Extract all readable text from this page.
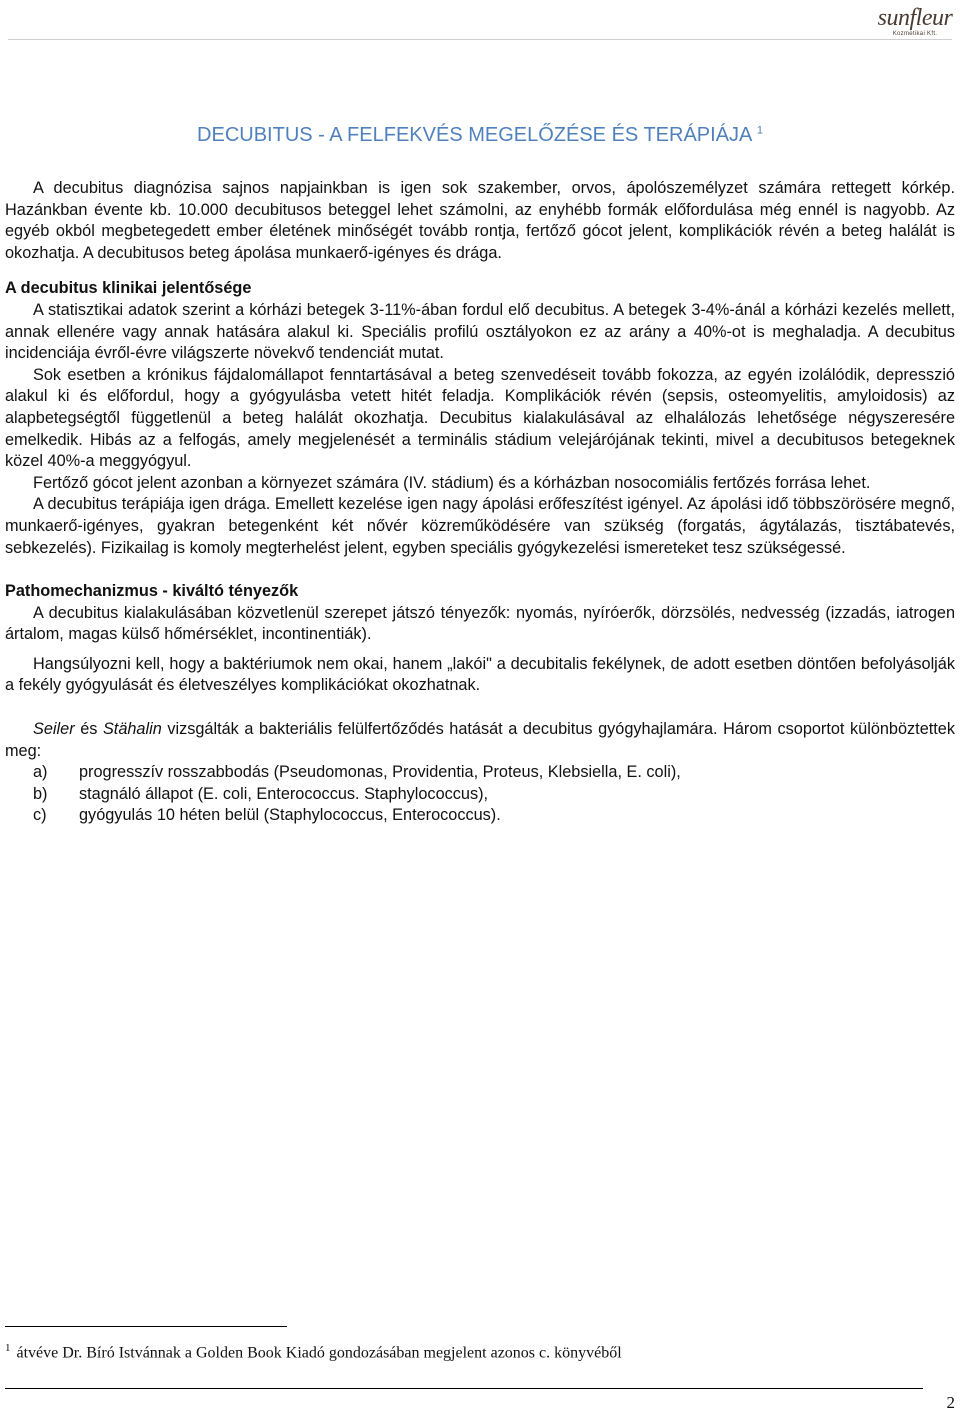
sunfleur
Kozmetikai Kft.
DECUBITUS - A FELFEKVÉS MEGELŐZÉSE ÉS TERÁPIÁJA $^1$

A decubitus diagnózisa sajnos napjainkban is igen sok szakember, orvos, ápolószemélyzet számára rettegett kórkép. Hazánkban évente kb. 10.000 decubitusos beteggel lehet számolni, az enyhébb formák előfordulása még ennél is nagyobb. Az egyéb okból megbetegedett ember életének minőségét tovább rontja, fertőző gócot jelent, komplikációk révén a beteg halálát is okozhatja. A decubitusos beteg ápolása munkaerő-igényes és drága.

A decubitus klinikai jelentősége

A statisztikai adatok szerint a kórházi betegek 3-11%-ában fordul elő decubitus. A betegek 3-4%-ánál a kórházi kezelés mellett, annak ellenére vagy annak hatására alakul ki. Speciális profilú osztályokon ez az arány a 40%-ot is meghaladja. A decubitus incidenciája évről-évre világszerte növekvő tendenciát mutat.

Sok esetben a krónikus fájdalomállapot fenntartásával a beteg szenvedéseit tovább fokozza, az egyén izolálódik, depresszió alakul ki és előfordul, hogy a gyógyulásba vetett hitét feladja. Komplikációk révén (sepsis, osteomyelitis, amyloidosis) az alapbetegségtől függetlenül a beteg halálát okozhatja. Decubitus kialakulásával az elhalálozás lehetősége négyszeresére emelkedik. Hibás az a felfogás, amely megjelenését a terminális stádium velejárójának tekinti, mivel a decubitusos betegeknek közel 40%-a meggyógyul.

Fertőző gócot jelent azonban a környezet számára (IV. stádium) és a kórházban nosocomiális fertőzés forrása lehet.

A decubitus terápiája igen drága. Emellett kezelése igen nagy ápolási erőfeszítést igényel. Az ápolási idő többszörösére megnő, munkaerő-igényes, gyakran betegenként két nővér közreműködésére van szükség (forgatás, ágytálazás, tisztábatevés, sebkezelés). Fizikailag is komoly megterhelést jelent, egyben speciális gyógykezelési ismereteket tesz szükségessé.

Pathomechanizmus - kiváltó tényezők

A decubitus kialakulásában közvetlenül szerepet játszó tényezők: nyomás, nyíróerők, dörzsölés, nedvesség (izzadás, iatrogen ártalom, magas külső hőmérséklet, incontinentiák).

Hangsúlyozni kell, hogy a baktériumok nem okai, hanem „lakói" a decubitalis fekélynek, de adott esetben döntően befolyásolják a fekély gyógyulását és életveszélyes komplikációkat okozhatnak.

Seiler és Stähalin vizsgálták a bakteriális felülfertőződés hatását a decubitus gyógyhajlamára. Három csoportot különböztettek meg:

a)	progresszív rosszabbodás (Pseudomonas, Providentia, Proteus, Klebsiella, E. coli),
b)	stagnáló állapot (E. coli, Enterococcus. Staphylococcus),
c)	gyógyulás 10 héten belül (Staphylococcus, Enterococcus).
$^1$ átvéve Dr. Bíró Istvánnak a Golden Book Kiadó gondozásában megjelent azonos c. könyvéből
2
